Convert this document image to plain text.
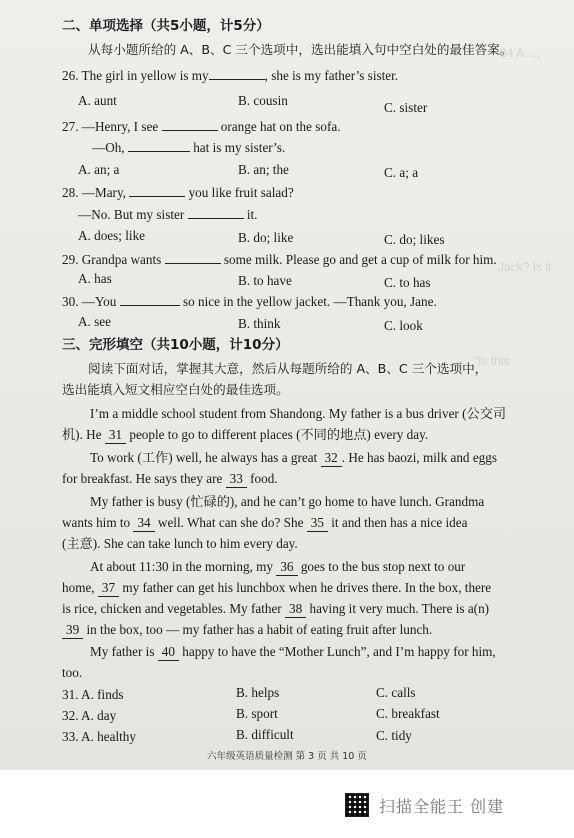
34 A. ...
Jack? Is it
"Is this
二、单项选择（共5小题，计5分）
从每小题所给的 A、B、C 三个选项中，选出能填入句中空白处的最佳答案。
26. The girl in yellow is my	, she is my father’s sister.
A. aunt	B. cousin	C. sister
27. —Henry, I see	orange hat on the sofa.
—Oh,	hat is my sister’s.
A. an; a	B. an; the	C. a; a
28. —Mary,	you like fruit salad?
—No. But my sister	it.
A. does; like	B. do; like	C. do; likes
29. Grandpa wants	some milk. Please go and get a cup of milk for him.
A. has	B. to have	C. to has
30. —You	so nice in the yellow jacket. —Thank you, Jane.
A. see	B. think	C. look
三、完形填空（共10小题，计10分）
阅读下面对话，掌握其大意，然后从每题所给的 A、B、C 三个选项中，
选出能填入短文相应空白处的最佳选项。
I’m a middle school student from Shandong. My father is a bus driver (公交司
机). He 31 people to go to different places (不同的地点) every day.
To work (工作) well, he always has a great 32 . He has baozi, milk and eggs
for breakfast. He says they are 33 food.
My father is busy (忙碌的), and he can’t go home to have lunch. Grandma
wants him to 34 well. What can she do? She 35 it and then has a nice idea
(主意). She can take lunch to him every day.
At about 11:30 in the morning, my 36 goes to the bus stop next to our
home, 37 my father can get his lunchbox when he drives there. In the box, there
is rice, chicken and vegetables. My father 38 having it very much. There is a(n)
39 in the box, too — my father has a habit of eating fruit after lunch.
My father is 40 happy to have the “Mother Lunch”, and I’m happy for him,
too.
31. A. finds	B. helps	C. calls
32. A. day	B. sport	C. breakfast
33. A. healthy	B. difficult	C. tidy
六年级英语质量检测 第 3 页 共 10 页
扫描全能王 创建
